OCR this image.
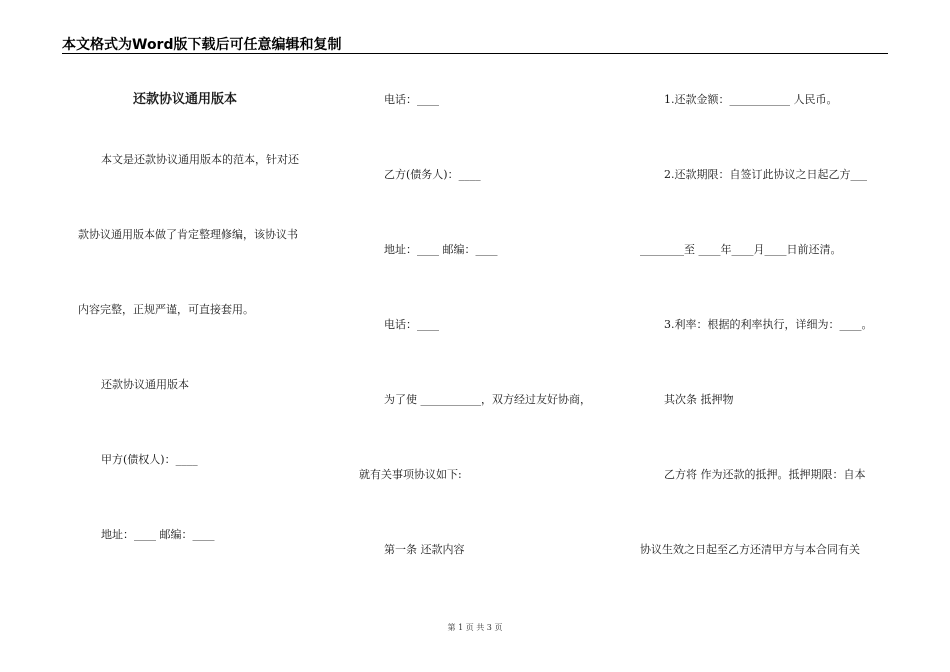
本文格式为Word版下载后可任意编辑和复制
还款协议通用版本
本文是还款协议通用版本的范本，针对还
款协议通用版本做了肯定整理修编，该协议书
内容完整，正规严谨，可直接套用。
还款协议通用版本
甲方(债权人)：____
地址：____ 邮编：____
电话：____
乙方(债务人)：____
地址：____ 邮编：____
电话：____
为了使 ___________，双方经过友好协商，
就有关事项协议如下:
第一条 还款内容
1.还款金额：___________ 人民币。
2.还款期限：自签订此协议之日起乙方___
________至 ____年____月____日前还清。
3.利率：根据的利率执行，详细为：____。
其次条 抵押物
乙方将 作为还款的抵押。抵押期限：自本
协议生效之日起至乙方还清甲方与本合同有关
第 1 页 共 3 页
